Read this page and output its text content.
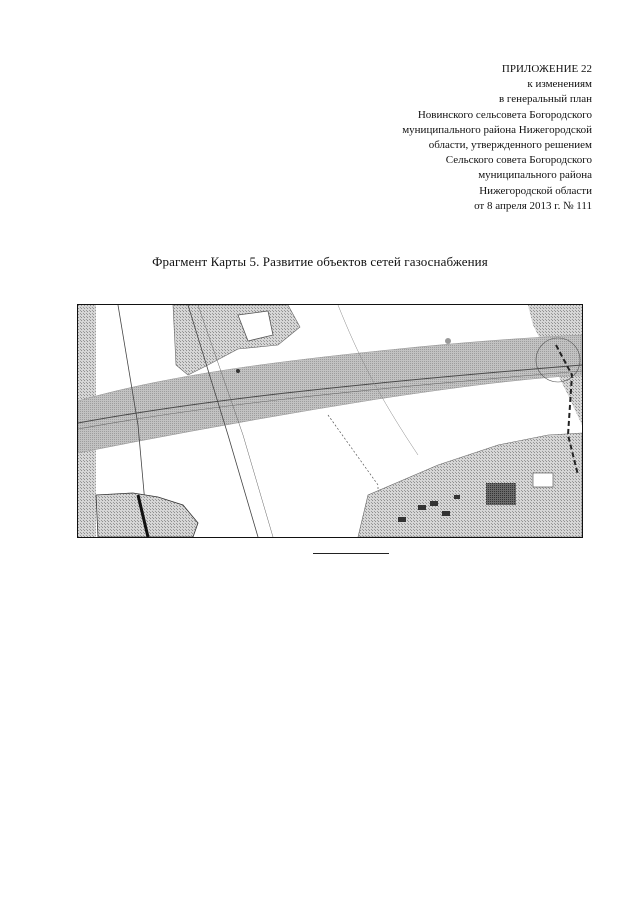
ПРИЛОЖЕНИЕ 22
к изменениям
в генеральный план
Новинского сельсовета Богородского
муниципального района Нижегородской
области, утвержденного решением
Сельского совета Богородского
муниципального района
Нижегородской области
от 8 апреля 2013 г. № 111
Фрагмент Карты 5. Развитие объектов сетей газоснабжения
